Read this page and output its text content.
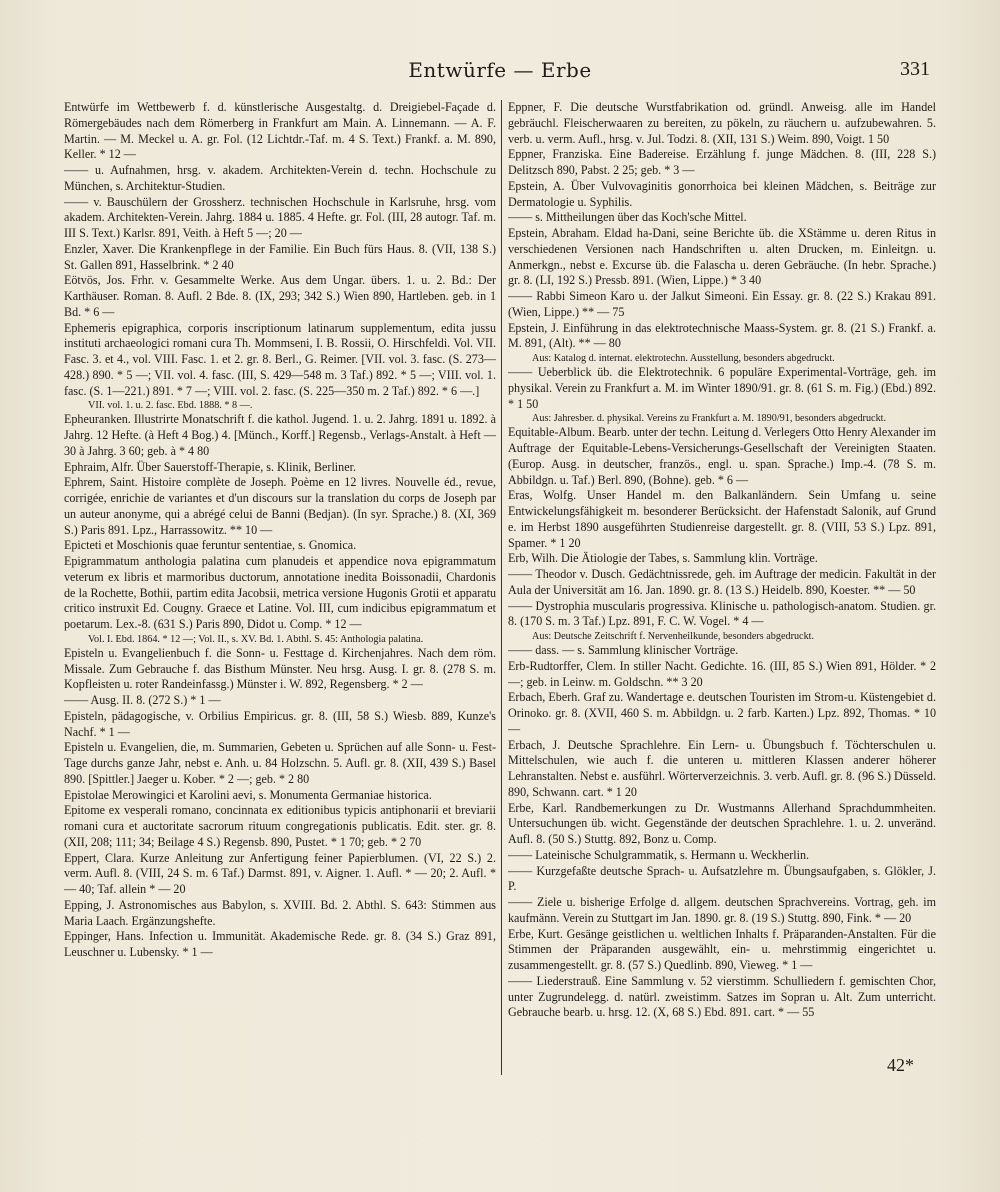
Entwürfe — Erbe	331

Entwürfe im Wettbewerb f. d. künstlerische Ausgestaltg. d. Dreigiebel-Façade d. Römergebäudes nach dem Römerberg in Frankfurt am Main. A. Linnemann. — A. F. Martin. — M. Meckel u. A. gr. Fol. (12 Lichtdr.-Taf. m. 4 S. Text.) Frankf. a. M. 890, Keller. * 12 —

—— u. Aufnahmen, hrsg. v. akadem. Architekten-Verein d. techn. Hochschule zu München, s. Architektur-Studien.

—— v. Bauschülern der Grossherz. technischen Hochschule in Karlsruhe, hrsg. vom akadem. Architekten-Verein. Jahrg. 1884 u. 1885. 4 Hefte. gr. Fol. (III, 28 autogr. Taf. m. III S. Text.) Karlsr. 891, Veith. à Heft 5 —; 20 —

Enzler, Xaver. Die Krankenpflege in der Familie. Ein Buch fürs Haus. 8. (VII, 138 S.) St. Gallen 891, Hasselbrink. * 2 40

Eötvös, Jos. Frhr. v. Gesammelte Werke. Aus dem Ungar. übers. 1. u. 2. Bd.: Der Karthäuser. Roman. 8. Aufl. 2 Bde. 8. (IX, 293; 342 S.) Wien 890, Hartleben. geb. in 1 Bd. * 6 —

Ephemeris epigraphica, corporis inscriptionum latinarum supplementum, edita jussu instituti archaeologici romani cura Th. Mommseni, I. B. Rossii, O. Hirschfeldi. Vol. VII. Fasc. 3. et 4., vol. VIII. Fasc. 1. et 2. gr. 8. Berl., G. Reimer. [VII. vol. 3. fasc. (S. 273—428.) 890. * 5 —; VII. vol. 4. fasc. (III, S. 429—548 m. 3 Taf.) 892. * 5 —; VIII. vol. 1. fasc. (S. 1—221.) 891. * 7 —; VIII. vol. 2. fasc. (S. 225—350 m. 2 Taf.) 892. * 6 —.]

VII. vol. 1. u. 2. fasc. Ebd. 1888. * 8 —.

Epheuranken. Illustrirte Monatschrift f. die kathol. Jugend. 1. u. 2. Jahrg. 1891 u. 1892. à Jahrg. 12 Hefte. (à Heft 4 Bog.) 4. [Münch., Korff.] Regensb., Verlags-Anstalt. à Heft — 30 à Jahrg. 3 60; geb. à * 4 80

Ephraim, Alfr. Über Sauerstoff-Therapie, s. Klinik, Berliner.

Ephrem, Saint. Histoire complète de Joseph. Poème en 12 livres. Nouvelle éd., revue, corrigée, enrichie de variantes et d'un discours sur la translation du corps de Joseph par un auteur anonyme, qui a abrégé celui de Banni (Bedjan). (In syr. Sprache.) 8. (XI, 369 S.) Paris 891. Lpz., Harrassowitz. ** 10 —

Epicteti et Moschionis quae feruntur sententiae, s. Gnomica.

Epigrammatum anthologia palatina cum planudeis et appendice nova epigrammatum veterum ex libris et marmoribus ductorum, annotatione inedita Boissonadii, Chardonis de la Rochette, Bothii, partim edita Jacobsii, metrica versione Hugonis Grotii et apparatu critico instruxit Ed. Cougny. Graece et Latine. Vol. III, cum indicibus epigrammatum et poetarum. Lex.-8. (631 S.) Paris 890, Didot u. Comp. * 12 —

Vol. I. Ebd. 1864. * 12 —; Vol. II., s. XV. Bd. 1. Abthl. S. 45: Anthologia palatina.

Episteln u. Evangelienbuch f. die Sonn- u. Festtage d. Kirchenjahres. Nach dem röm. Missale. Zum Gebrauche f. das Bisthum Münster. Neu hrsg. Ausg. I. gr. 8. (278 S. m. Kopfleisten u. roter Randeinfassg.) Münster i. W. 892, Regensberg. * 2 —

—— Ausg. II. 8. (272 S.) * 1 —

Episteln, pädagogische, v. Orbilius Empiricus. gr. 8. (III, 58 S.) Wiesb. 889, Kunze's Nachf. * 1 —

Episteln u. Evangelien, die, m. Summarien, Gebeten u. Sprüchen auf alle Sonn- u. Fest-Tage durchs ganze Jahr, nebst e. Anh. u. 84 Holzschn. 5. Aufl. gr. 8. (XII, 439 S.) Basel 890. [Spittler.] Jaeger u. Kober. * 2 —; geb. * 2 80

Epistolae Merowingici et Karolini aevi, s. Monumenta Germaniae historica.

Epitome ex vesperali romano, concinnata ex editionibus typicis antiphonarii et breviarii romani cura et auctoritate sacrorum rituum congregationis publicatis. Edit. ster. gr. 8. (XII, 208; 111; 34; Beilage 4 S.) Regensb. 890, Pustet. * 1 70; geb. * 2 70

Eppert, Clara. Kurze Anleitung zur Anfertigung feiner Papierblumen. (VI, 22 S.) 2. verm. Aufl. 8. (VIII, 24 S. m. 6 Taf.) Darmst. 891, v. Aigner. 1. Aufl. * — 20; 2. Aufl. * — 40; Taf. allein * — 20

Epping, J. Astronomisches aus Babylon, s. XVIII. Bd. 2. Abthl. S. 643: Stimmen aus Maria Laach. Ergänzungshefte.

Eppinger, Hans. Infection u. Immunität. Akademische Rede. gr. 8. (34 S.) Graz 891, Leuschner u. Lubensky. * 1 —

Eppner, F. Die deutsche Wurstfabrikation od. gründl. Anweisg. alle im Handel gebräuchl. Fleischerwaaren zu bereiten, zu pökeln, zu räuchern u. aufzubewahren. 5. verb. u. verm. Aufl., hrsg. v. Jul. Todzi. 8. (XII, 131 S.) Weim. 890, Voigt. 1 50

Eppner, Franziska. Eine Badereise. Erzählung f. junge Mädchen. 8. (III, 228 S.) Delitzsch 890, Pabst. 2 25; geb. * 3 —

Epstein, A. Über Vulvovaginitis gonorrhoica bei kleinen Mädchen, s. Beiträge zur Dermatologie u. Syphilis.

—— s. Mittheilungen über das Koch'sche Mittel.

Epstein, Abraham. Eldad ha-Dani, seine Berichte üb. die XStämme u. deren Ritus in verschiedenen Versionen nach Handschriften u. alten Drucken, m. Einleitgn. u. Anmerkgn., nebst e. Excurse üb. die Falascha u. deren Gebräuche. (In hebr. Sprache.) gr. 8. (LI, 192 S.) Pressb. 891. (Wien, Lippe.) * 3 40

—— Rabbi Simeon Karo u. der Jalkut Simeoni. Ein Essay. gr. 8. (22 S.) Krakau 891. (Wien, Lippe.) ** — 75

Epstein, J. Einführung in das elektrotechnische Maass-System. gr. 8. (21 S.) Frankf. a. M. 891, (Alt). ** — 80

Aus: Katalog d. internat. elektrotechn. Ausstellung, besonders abgedruckt.

—— Ueberblick üb. die Elektrotechnik. 6 populäre Experimental-Vorträge, geh. im physikal. Verein zu Frankfurt a. M. im Winter 1890/91. gr. 8. (61 S. m. Fig.) (Ebd.) 892. * 1 50

Aus: Jahresber. d. physikal. Vereins zu Frankfurt a. M. 1890/91, besonders abgedruckt.

Equitable-Album. Bearb. unter der techn. Leitung d. Verlegers Otto Henry Alexander im Auftrage der Equitable-Lebens-Versicherungs-Gesellschaft der Vereinigten Staaten. (Europ. Ausg. in deutscher, französ., engl. u. span. Sprache.) Imp.-4. (78 S. m. Abbildgn. u. Taf.) Berl. 890, (Bohne). geb. * 6 —

Eras, Wolfg. Unser Handel m. den Balkanländern. Sein Umfang u. seine Entwickelungsfähigkeit m. besonderer Berücksicht. der Hafenstadt Salonik, auf Grund e. im Herbst 1890 ausgeführten Studienreise dargestellt. gr. 8. (VIII, 53 S.) Lpz. 891, Spamer. * 1 20

Erb, Wilh. Die Ätiologie der Tabes, s. Sammlung klin. Vorträge.

—— Theodor v. Dusch. Gedächtnissrede, geh. im Auftrage der medicin. Fakultät in der Aula der Universität am 16. Jan. 1890. gr. 8. (13 S.) Heidelb. 890, Koester. ** — 50

—— Dystrophia muscularis progressiva. Klinische u. pathologisch-anatom. Studien. gr. 8. (170 S. m. 3 Taf.) Lpz. 891, F. C. W. Vogel. * 4 —

Aus: Deutsche Zeitschrift f. Nervenheilkunde, besonders abgedruckt.

—— dass. — s. Sammlung klinischer Vorträge.

Erb-Rudtorffer, Clem. In stiller Nacht. Gedichte. 16. (III, 85 S.) Wien 891, Hölder. * 2 —; geb. in Leinw. m. Goldschn. ** 3 20

Erbach, Eberh. Graf zu. Wandertage e. deutschen Touristen im Strom-u. Küstengebiet d. Orinoko. gr. 8. (XVII, 460 S. m. Abbildgn. u. 2 farb. Karten.) Lpz. 892, Thomas. * 10 —

Erbach, J. Deutsche Sprachlehre. Ein Lern- u. Übungsbuch f. Töchterschulen u. Mittelschulen, wie auch f. die unteren u. mittleren Klassen anderer höherer Lehranstalten. Nebst e. ausführl. Wörterverzeichnis. 3. verb. Aufl. gr. 8. (96 S.) Düsseld. 890, Schwann. cart. * 1 20

Erbe, Karl. Randbemerkungen zu Dr. Wustmanns Allerhand Sprachdummheiten. Untersuchungen üb. wicht. Gegenstände der deutschen Sprachlehre. 1. u. 2. unveränd. Aufl. 8. (50 S.) Stuttg. 892, Bonz u. Comp.

—— Lateinische Schulgrammatik, s. Hermann u. Weckherlin.

—— Kurzgefaßte deutsche Sprach- u. Aufsatzlehre m. Übungsaufgaben, s. Glökler, J. P.

—— Ziele u. bisherige Erfolge d. allgem. deutschen Sprachvereins. Vortrag, geh. im kaufmänn. Verein zu Stuttgart im Jan. 1890. gr. 8. (19 S.) Stuttg. 890, Fink. * — 20

Erbe, Kurt. Gesänge geistlichen u. weltlichen Inhalts f. Präparanden-Anstalten. Für die Stimmen der Präparanden ausgewählt, ein- u. mehrstimmig eingerichtet u. zusammengestellt. gr. 8. (57 S.) Quedlinb. 890, Vieweg. * 1 —

—— Liederstrauß. Eine Sammlung v. 52 vierstimm. Schulliedern f. gemischten Chor, unter Zugrundelegg. d. natürl. zweistimm. Satzes im Sopran u. Alt. Zum unterricht. Gebrauche bearb. u. hrsg. 12. (X, 68 S.) Ebd. 891. cart. * — 55

42*
